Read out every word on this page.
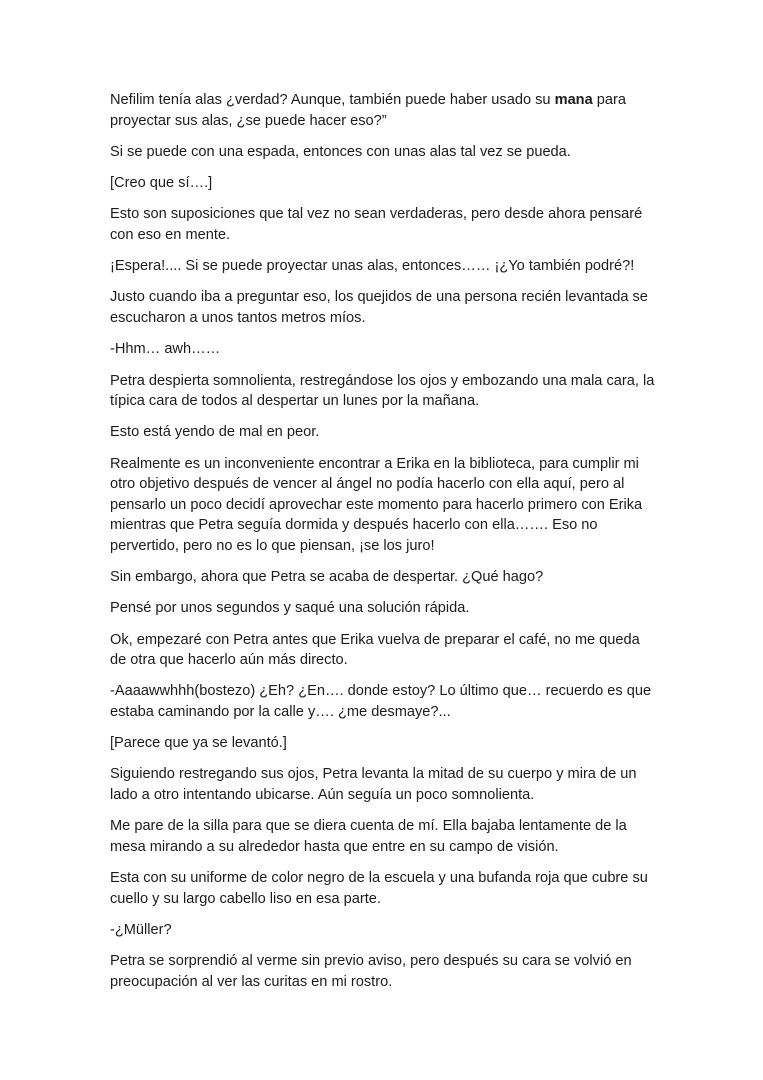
Nefilim tenía alas ¿verdad? Aunque, también puede haber usado su mana para proyectar sus alas, ¿se puede hacer eso?”

Si se puede con una espada, entonces con unas alas tal vez se pueda.

[Creo que sí….]

Esto son suposiciones que tal vez no sean verdaderas, pero desde ahora pensaré con eso en mente.

¡Espera!.... Si se puede proyectar unas alas, entonces…… ¡¿Yo también podré?!

Justo cuando iba a preguntar eso, los quejidos de una persona recién levantada se escucharon a unos tantos metros míos.

-Hhm… awh……

Petra despierta somnolienta, restregándose los ojos y embozando una mala cara, la típica cara de todos al despertar un lunes por la mañana.

Esto está yendo de mal en peor.

Realmente es un inconveniente encontrar a Erika en la biblioteca, para cumplir mi otro objetivo después de vencer al ángel no podía hacerlo con ella aquí, pero al pensarlo un poco decidí aprovechar este momento para hacerlo primero con Erika mientras que Petra seguía dormida y después hacerlo con ella……. Eso no pervertido, pero no es lo que piensan, ¡se los juro!

Sin embargo, ahora que Petra se acaba de despertar. ¿Qué hago?

Pensé por unos segundos y saqué una solución rápida.

Ok, empezaré con Petra antes que Erika vuelva de preparar el café, no me queda de otra que hacerlo aún más directo.

-Aaaawwhhh(bostezo) ¿Eh? ¿En…. donde estoy? Lo último que… recuerdo es que estaba caminando por la calle y…. ¿me desmaye?...

[Parece que ya se levantó.]

Siguiendo restregando sus ojos, Petra levanta la mitad de su cuerpo y mira de un lado a otro intentando ubicarse. Aún seguía un poco somnolienta.

Me pare de la silla para que se diera cuenta de mí. Ella bajaba lentamente de la mesa mirando a su alrededor hasta que entre en su campo de visión.

Esta con su uniforme de color negro de la escuela y una bufanda roja que cubre su cuello y su largo cabello liso en esa parte.

-¿Müller?

Petra se sorprendió al verme sin previo aviso, pero después su cara se volvió en preocupación al ver las curitas en mi rostro.
